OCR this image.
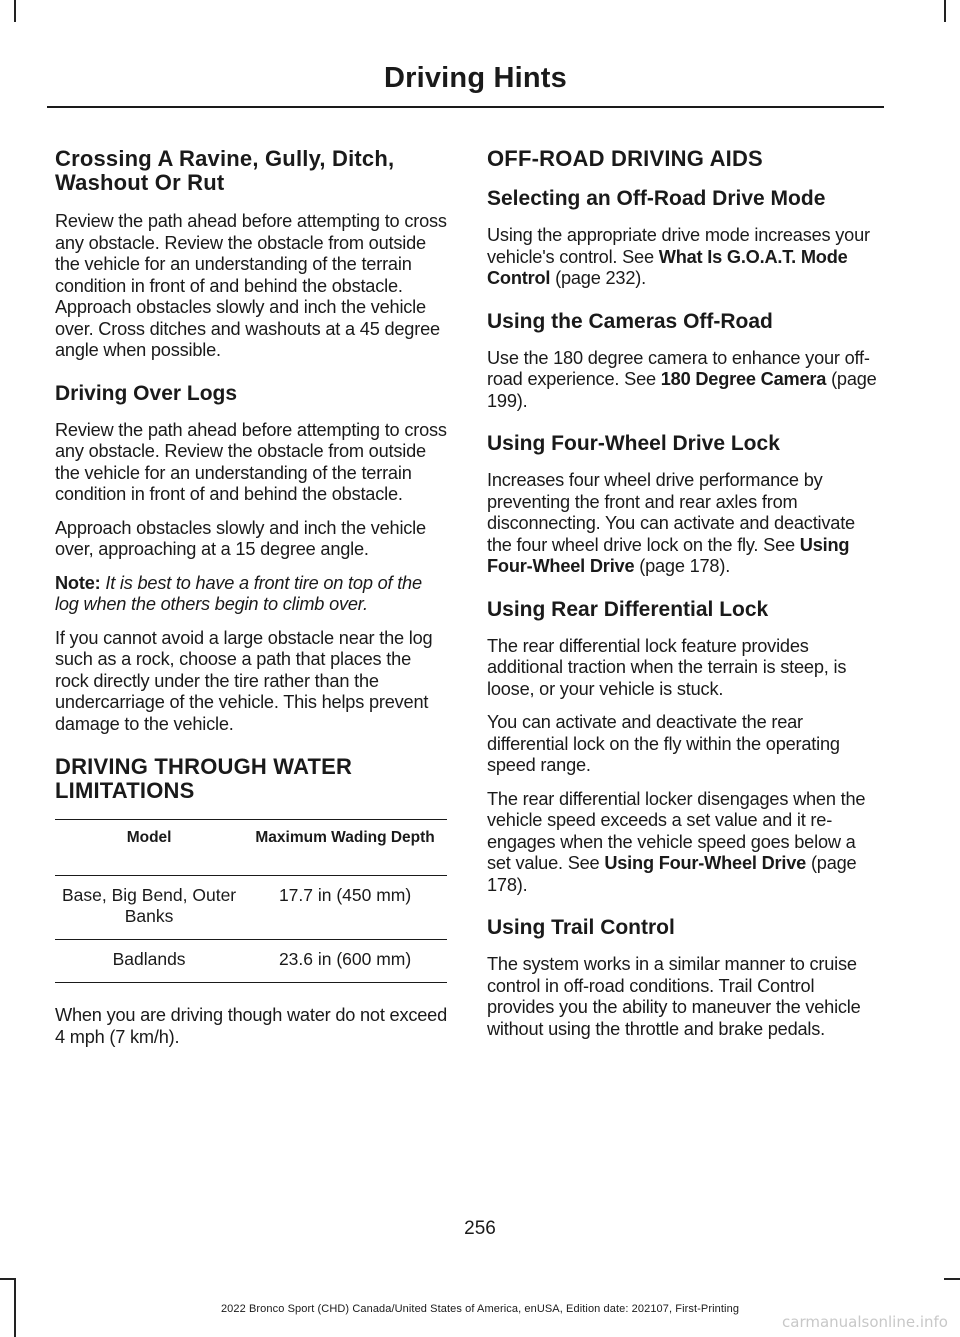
Driving Hints
Crossing A Ravine, Gully, Ditch, Washout Or Rut

Review the path ahead before attempting to cross any obstacle. Review the obstacle from outside the vehicle for an understanding of the terrain condition in front of and behind the obstacle. Approach obstacles slowly and inch the vehicle over. Cross ditches and washouts at a 45 degree angle when possible.

Driving Over Logs

Review the path ahead before attempting to cross any obstacle. Review the obstacle from outside the vehicle for an understanding of the terrain condition in front of and behind the obstacle.

Approach obstacles slowly and inch the vehicle over, approaching at a 15 degree angle.

Note: It is best to have a front tire on top of the log when the others begin to climb over.

If you cannot avoid a large obstacle near the log such as a rock, choose a path that places the rock directly under the tire rather than the undercarriage of the vehicle. This helps prevent damage to the vehicle.

DRIVING THROUGH WATER LIMITATIONS
Model	Maximum Wading Depth
Base, Big Bend, Outer Banks	17.7 in (450 mm)
Badlands	23.6 in (600 mm)

When you are driving though water do not exceed 4 mph (7 km/h).

OFF-ROAD DRIVING AIDS
Selecting an Off-Road Drive Mode

Using the appropriate drive mode increases your vehicle's control. See What Is G.O.A.T. Mode Control (page 232).

Using the Cameras Off-Road

Use the 180 degree camera to enhance your off-road experience. See 180 Degree Camera (page 199).

Using Four-Wheel Drive Lock

Increases four wheel drive performance by preventing the front and rear axles from disconnecting. You can activate and deactivate the four wheel drive lock on the fly. See Using Four-Wheel Drive (page 178).

Using Rear Differential Lock

The rear differential lock feature provides additional traction when the terrain is steep, is loose, or your vehicle is stuck.

You can activate and deactivate the rear differential lock on the fly within the operating speed range.

The rear differential locker disengages when the vehicle speed exceeds a set value and it re-engages when the vehicle speed goes below a set value. See Using Four-Wheel Drive (page 178).

Using Trail Control

The system works in a similar manner to cruise control in off-road conditions. Trail Control provides you the ability to maneuver the vehicle without using the throttle and brake pedals.

256
2022 Bronco Sport (CHD) Canada/United States of America, enUSA, Edition date: 202107, First-Printing
carmanualsonline.info
